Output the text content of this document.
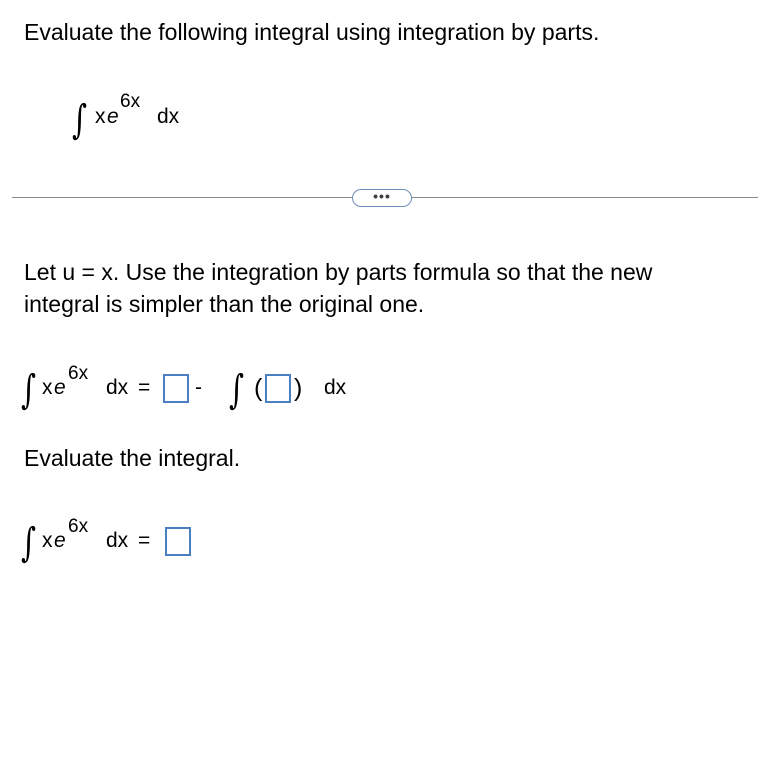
Evaluate the following integral using integration by parts.
∫ x e
6x
dx
•••
Let u = x. Use the integration by parts formula so that the new
integral is simpler than the original one.
∫ x e
6x
dx = - ∫ ( ) dx
Evaluate the integral.
∫ x e
6x
dx =
